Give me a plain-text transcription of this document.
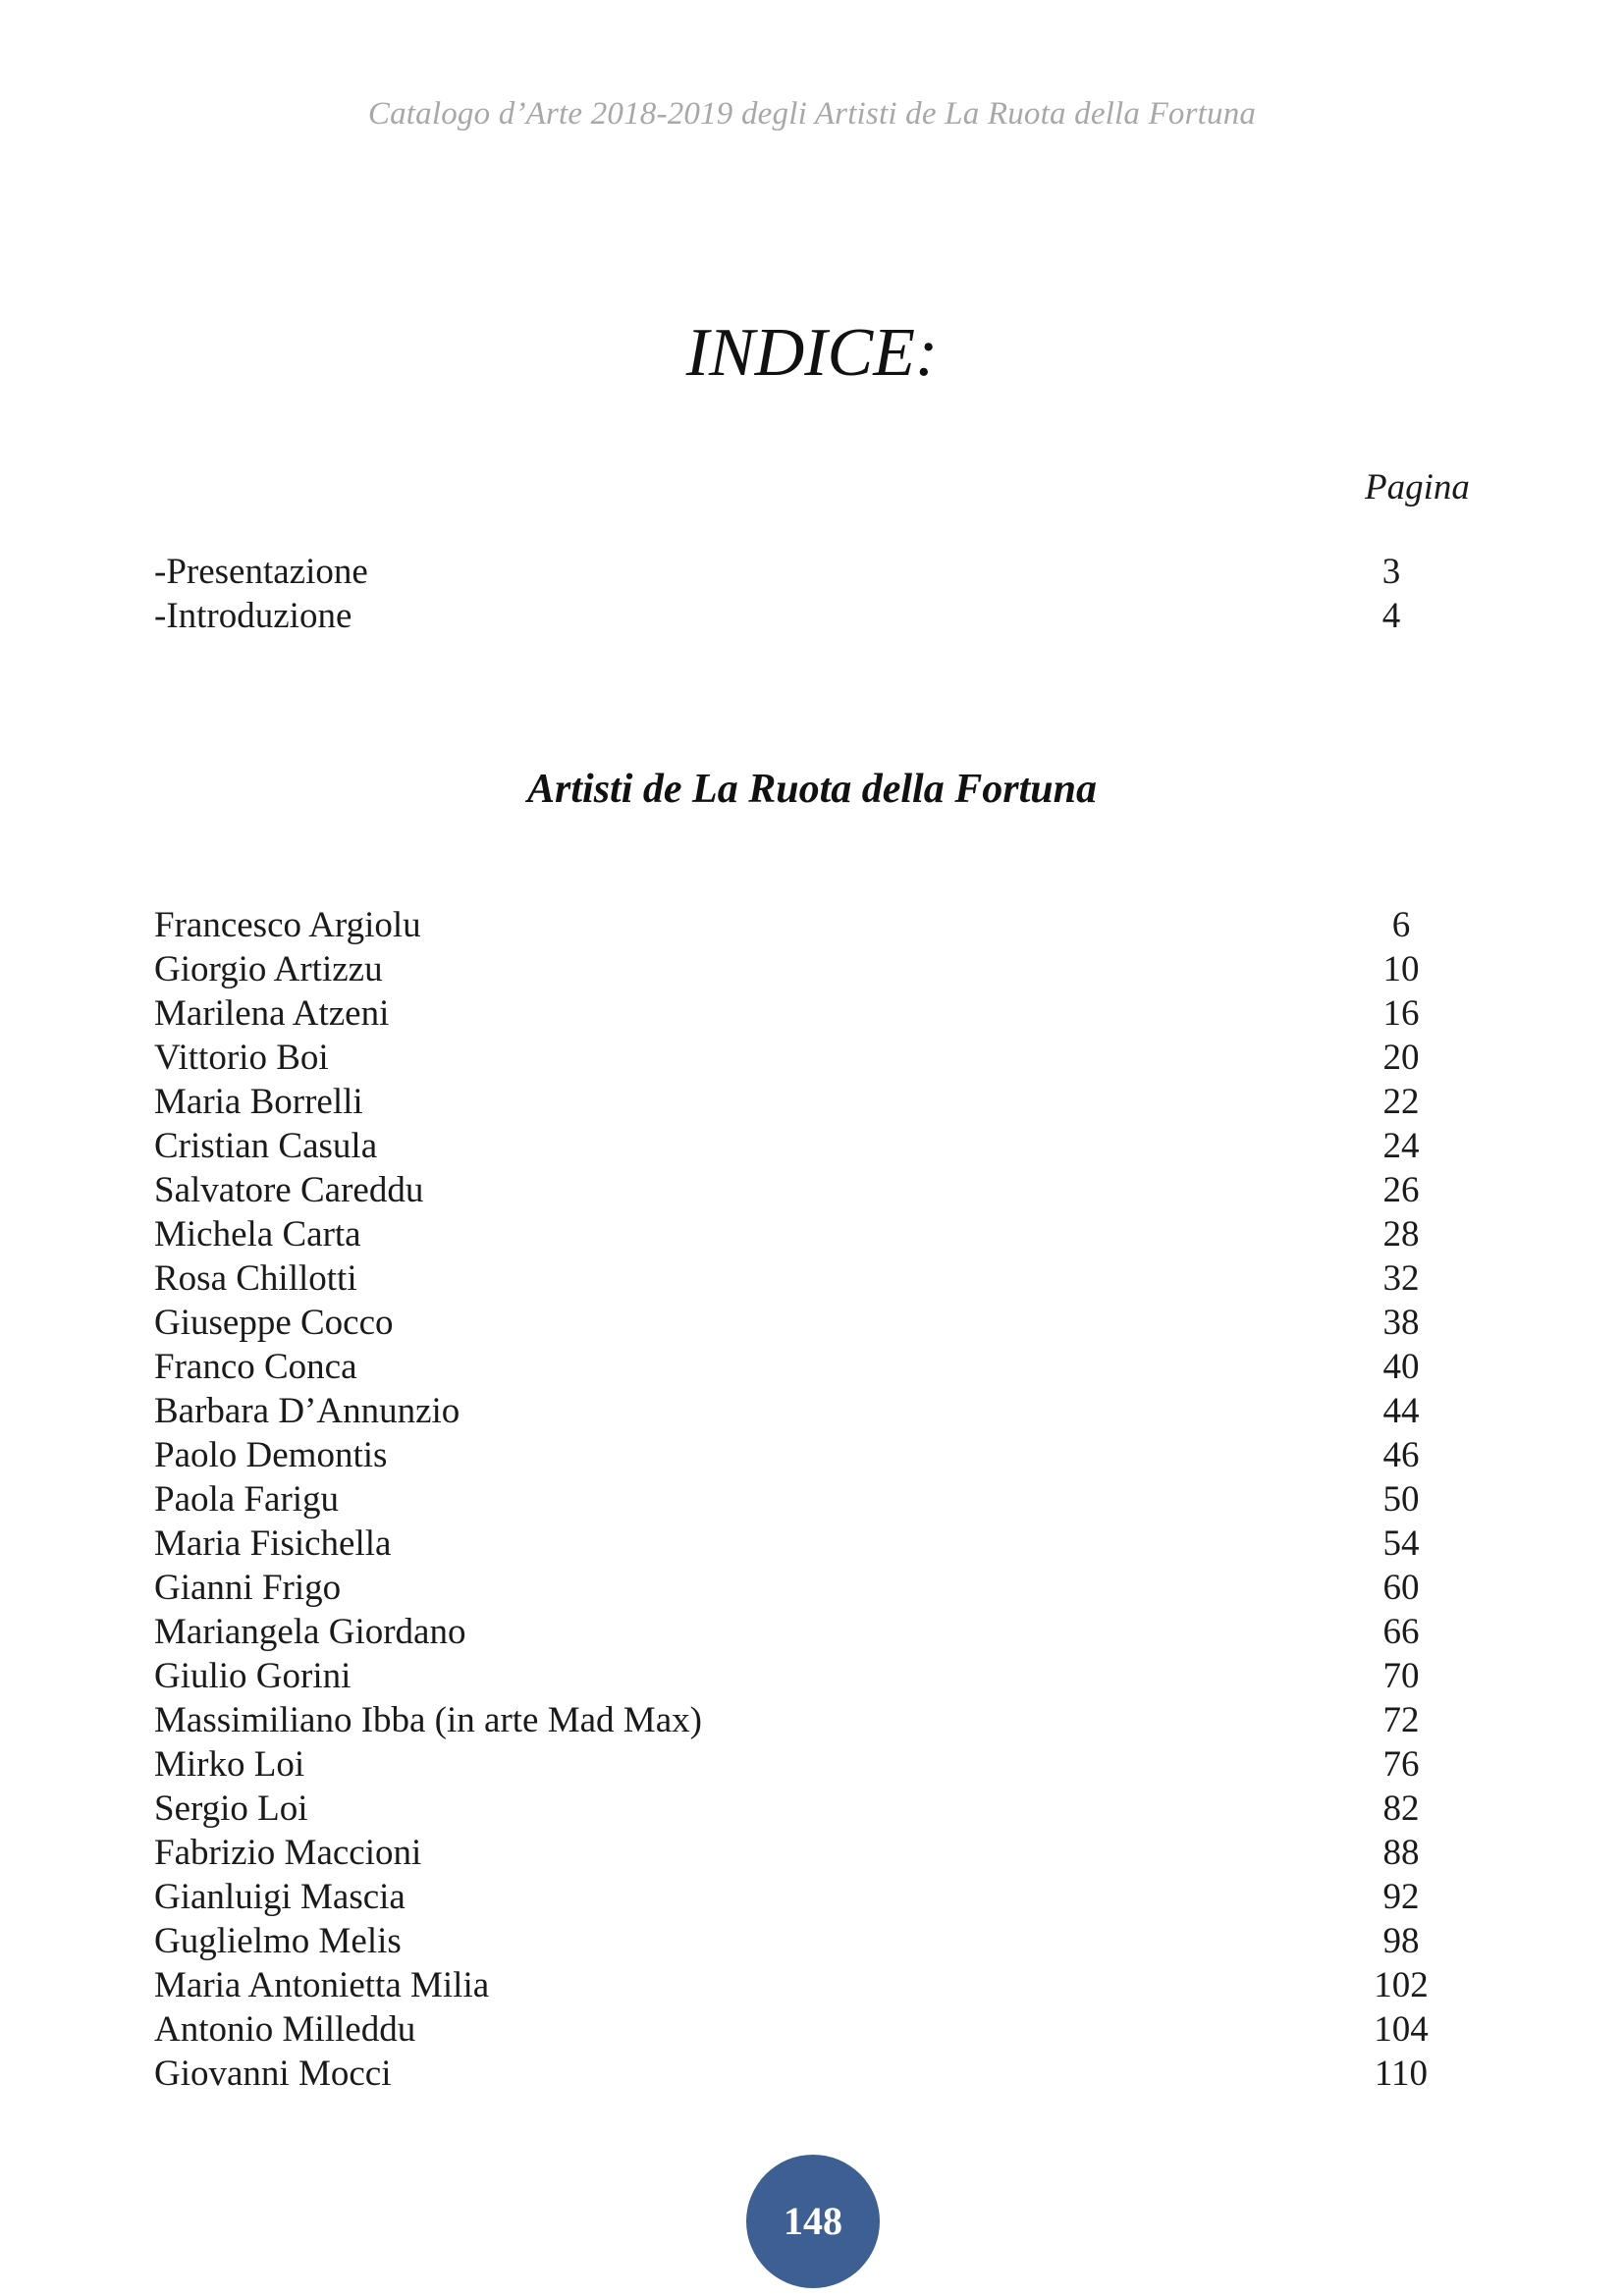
Catalogo d’Arte 2018-2019 degli Artisti de La Ruota della Fortuna
INDICE:
Pagina
-Presentazione	3
-Introduzione	4
Artisti de La Ruota della Fortuna
Francesco Argiolu	6
Giorgio Artizzu	10
Marilena Atzeni	16
Vittorio Boi	20
Maria Borrelli	22
Cristian Casula	24
Salvatore Careddu	26
Michela Carta	28
Rosa Chillotti	32
Giuseppe Cocco	38
Franco Conca	40
Barbara D’Annunzio	44
Paolo Demontis	46
Paola Farigu	50
Maria Fisichella	54
Gianni Frigo	60
Mariangela Giordano	66
Giulio Gorini	70
Massimiliano Ibba (in arte Mad Max)	72
Mirko Loi	76
Sergio Loi	82
Fabrizio Maccioni	88
Gianluigi Mascia	92
Guglielmo Melis	98
Maria Antonietta Milia	102
Antonio Milleddu	104
Giovanni Mocci	110
148
